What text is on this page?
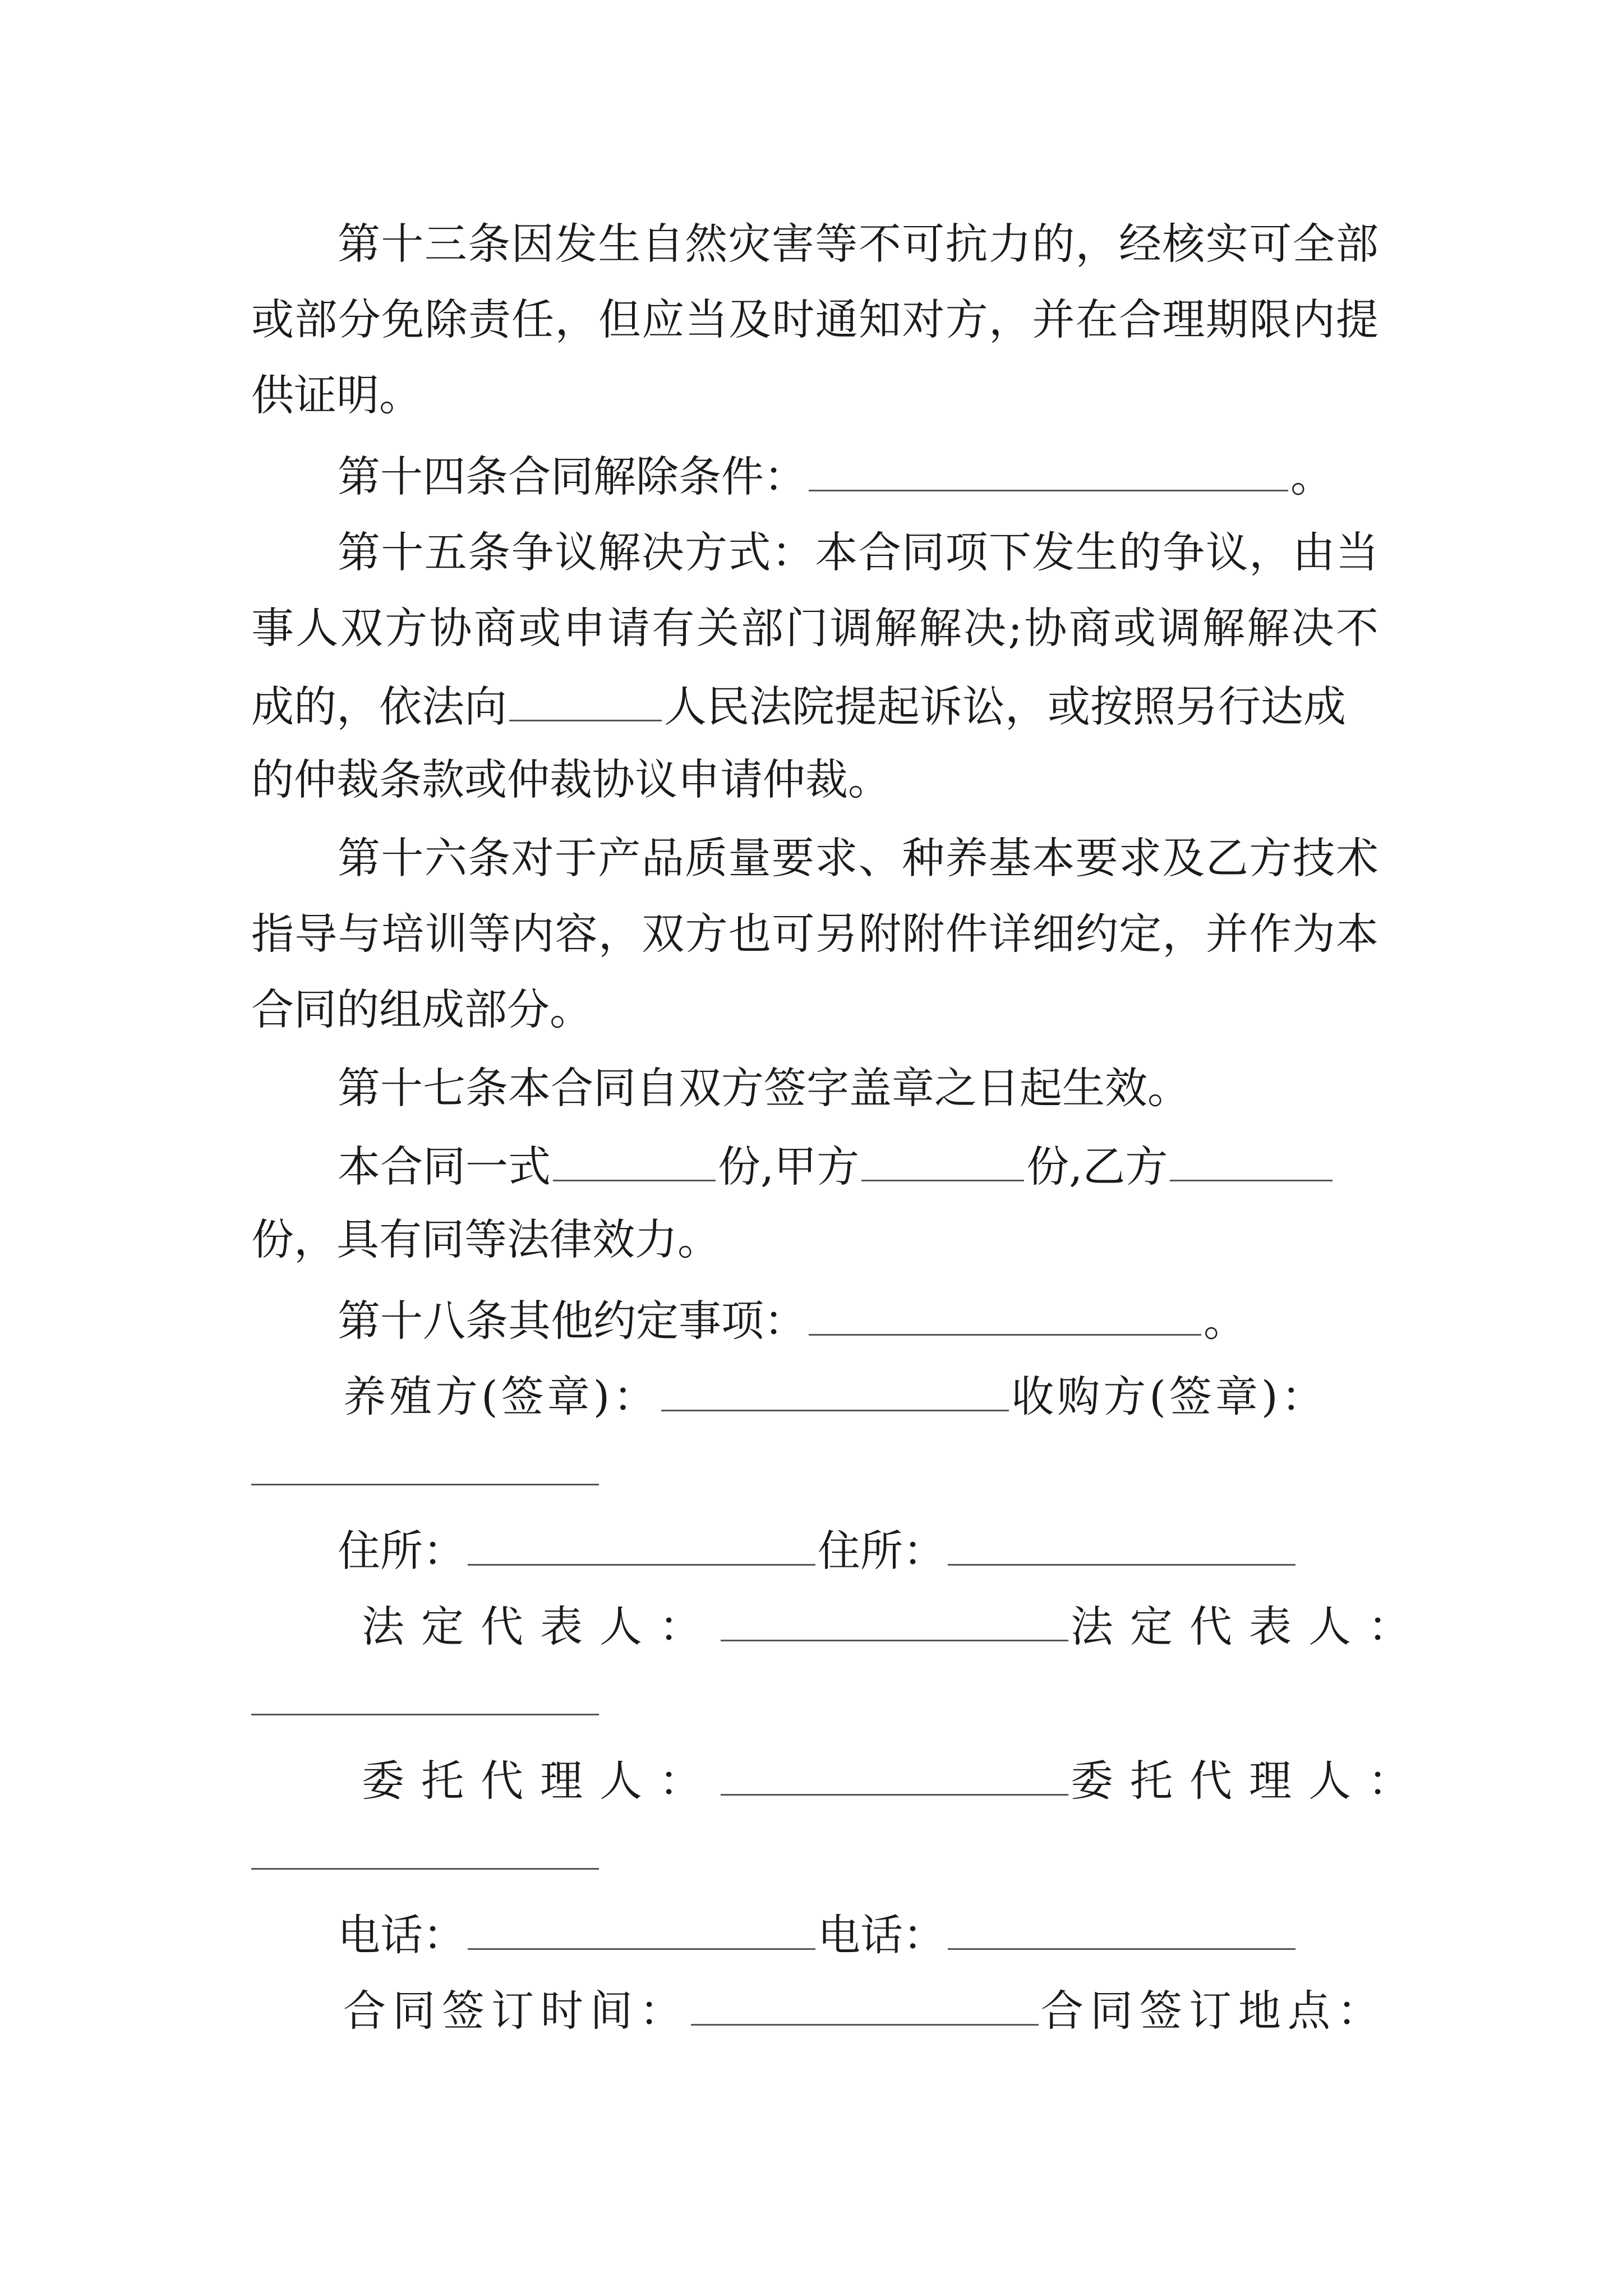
第十三条因发生自然灾害等不可抗力的，经核实可全部
或部分免除责任，但应当及时通知对方，并在合理期限内提
供证明。
第十四条合同解除条件：	。
第十五条争议解决方式：本合同项下发生的争议，由当
事人双方协商或申请有关部门调解解决;协商或调解解决不
成的，依法向	人民法院提起诉讼，或按照另行达成
的仲裁条款或仲裁协议申请仲裁。
第十六条对于产品质量要求、种养基本要求及乙方技术
指导与培训等内容，双方也可另附附件详细约定，并作为本
合同的组成部分。
第十七条本合同自双方签字盖章之日起生效。
本合同一式	份,甲方	份,乙方
份，具有同等法律效力。
第十八条其他约定事项：	。
养殖方(签章)：	收购方(签章)：
住所：	住所：
法定代表人：	法定代表人：
委托代理人：	委托代理人：
电话：	电话：
合同签订时间：	合同签订地点：
